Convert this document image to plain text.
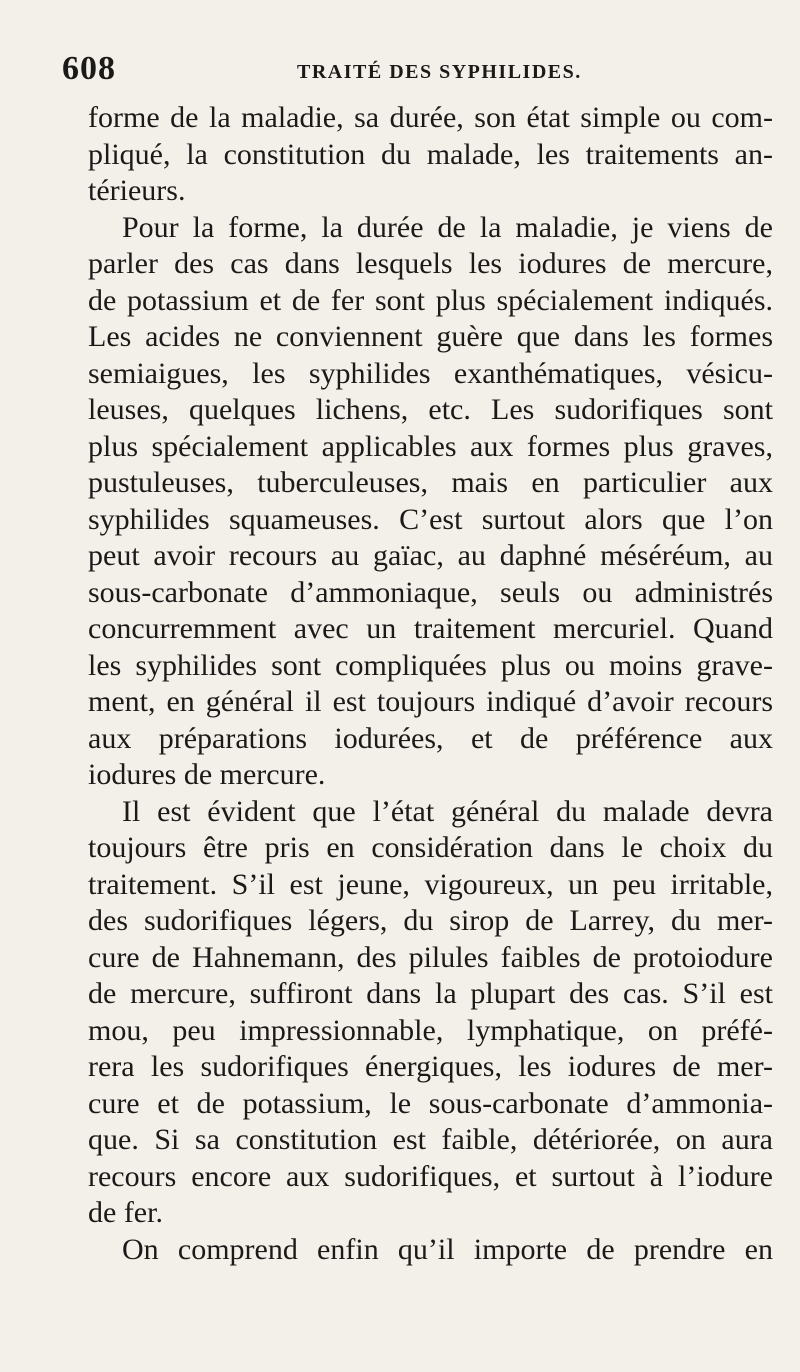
608	TRAITÉ DES SYPHILIDES.
forme de la maladie, sa durée, son état simple ou com-
pliqué, la constitution du malade, les traitements an-
térieurs.
Pour la forme, la durée de la maladie, je viens de
parler des cas dans lesquels les iodures de mercure,
de potassium et de fer sont plus spécialement indiqués.
Les acides ne conviennent guère que dans les formes
semiaigues, les syphilides exanthématiques, vésicu-
leuses, quelques lichens, etc. Les sudorifiques sont
plus spécialement applicables aux formes plus graves,
pustuleuses, tuberculeuses, mais en particulier aux
syphilides squameuses. C’est surtout alors que l’on
peut avoir recours au gaïac, au daphné méséréum, au
sous-carbonate d’ammoniaque, seuls ou administrés
concurremment avec un traitement mercuriel. Quand
les syphilides sont compliquées plus ou moins grave-
ment, en général il est toujours indiqué d’avoir recours
aux préparations iodurées, et de préférence aux
iodures de mercure.
Il est évident que l’état général du malade devra
toujours être pris en considération dans le choix du
traitement. S’il est jeune, vigoureux, un peu irritable,
des sudorifiques légers, du sirop de Larrey, du mer-
cure de Hahnemann, des pilules faibles de protoiodure
de mercure, suffiront dans la plupart des cas. S’il est
mou, peu impressionnable, lymphatique, on préfé-
rera les sudorifiques énergiques, les iodures de mer-
cure et de potassium, le sous-carbonate d’ammonia-
que. Si sa constitution est faible, détériorée, on aura
recours encore aux sudorifiques, et surtout à l’iodure
de fer.
On comprend enfin qu’il importe de prendre en
